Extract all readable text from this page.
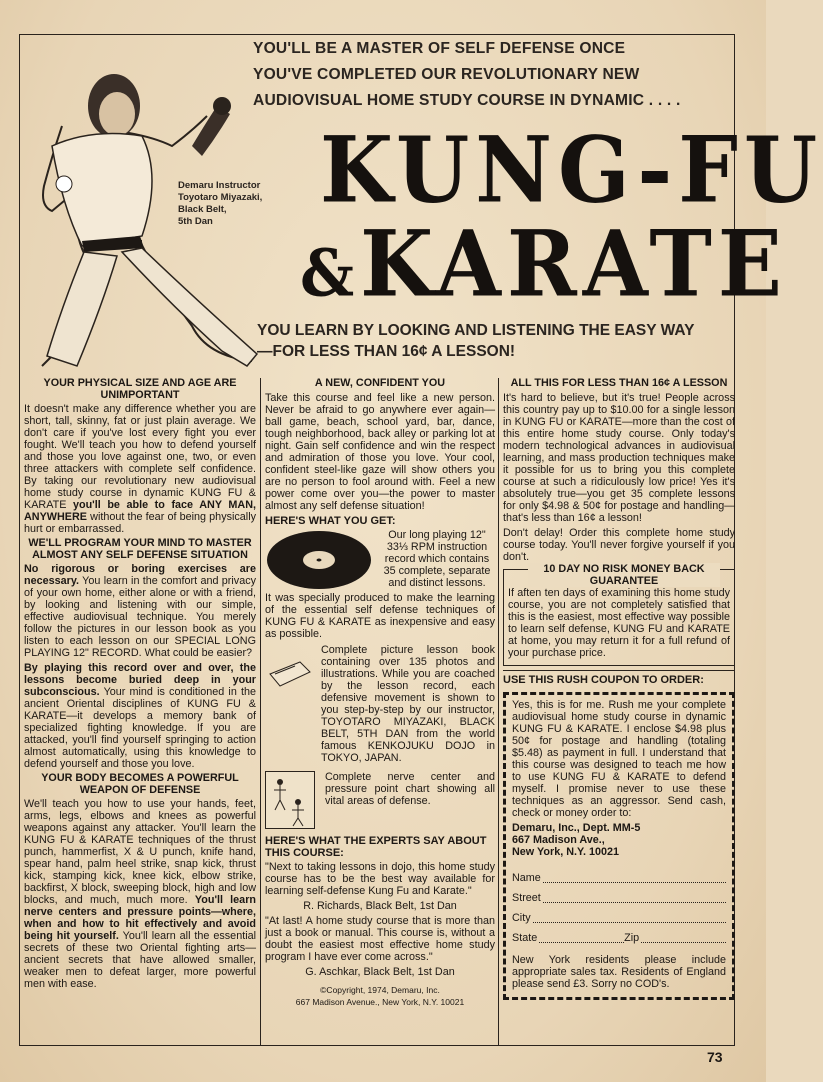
Demaru Instructor
Toyotaro Miyazaki,
Black Belt,
5th Dan
YOU'LL BE A MASTER OF SELF DEFENSE ONCE
YOU'VE COMPLETED OUR REVOLUTIONARY NEW
AUDIOVISUAL HOME STUDY COURSE IN DYNAMIC . . . .
KUNG-FU
&KARATE
YOU LEARN BY LOOKING AND LISTENING THE EASY WAY
—FOR LESS THAN 16¢ A LESSON!
YOUR PHYSICAL SIZE AND AGE ARE UNIMPORTANT

It doesn't make any difference whether you are short, tall, skinny, fat or just plain average. We don't care if you've lost every fight you ever fought. We'll teach you how to defend yourself and those you love against one, two, or even three attackers with complete self confidence. By taking our revolutionary new audiovisual home study course in dynamic KUNG FU & KARATE you'll be able to face ANY MAN, ANYWHERE without the fear of being physically hurt or embarrassed.

WE'LL PROGRAM YOUR MIND TO MASTER ALMOST ANY SELF DEFENSE SITUATION

No rigorous or boring exercises are necessary. You learn in the comfort and privacy of your own home, either alone or with a friend, by looking and listening with our simple, effective audiovisual technique. You merely follow the pictures in our lesson book as you listen to each lesson on our SPECIAL LONG PLAYING 12" RECORD. What could be easier?

By playing this record over and over, the lessons become buried deep in your subconscious. Your mind is conditioned in the ancient Oriental disciplines of KUNG FU & KARATE—it develops a memory bank of specialized fighting knowledge. If you are attacked, you'll find yourself springing to action almost automatically, using this knowledge to defend yourself and those you love.

YOUR BODY BECOMES A POWERFUL WEAPON OF DEFENSE

We'll teach you how to use your hands, feet, arms, legs, elbows and knees as powerful weapons against any attacker. You'll learn the KUNG FU & KARATE techniques of the thrust punch, hammerfist, X & U punch, knife hand, spear hand, palm heel strike, snap kick, thrust kick, stamping kick, knee kick, elbow strike, backfirst, X block, sweeping block, high and low blocks, and much, much more. You'll learn nerve centers and pressure points—where, when and how to hit effectively and avoid being hit yourself. You'll learn all the essential secrets of these two Oriental fighting arts—ancient secrets that have allowed smaller, weaker men to defeat larger, more powerful men with ease.

A NEW, CONFIDENT YOU

Take this course and feel like a new person. Never be afraid to go anywhere ever again—ball game, beach, school yard, bar, dance, tough neighborhood, back alley or parking lot at night. Gain self confidence and win the respect and admiration of those you love. Your cool, confident steel-like gaze will show others you are no person to fool around with. Feel a new power come over you—the power to master almost any self defense situation!

HERE'S WHAT YOU GET:

Our long playing 12" 33⅓ RPM instruction record which contains 35 complete, separate and distinct lessons.

It was specially produced to make the learning of the essential self defense techniques of KUNG FU & KARATE as inexpensive and easy as possible.

Complete picture lesson book containing over 135 photos and illustrations. While you are coached by the lesson record, each defensive movement is shown to you step-by-step by our instructor, TOYOTARO MIYAZAKI, BLACK BELT, 5TH DAN from the world famous KENKOJUKU DOJO in TOKYO, JAPAN.

Complete nerve center and pressure point chart showing all vital areas of defense.

HERE'S WHAT THE EXPERTS SAY ABOUT THIS COURSE:

"Next to taking lessons in dojo, this home study course has to be the best way available for learning self-defense Kung Fu and Karate."

R. Richards, Black Belt, 1st Dan

"At last! A home study course that is more than just a book or manual. This course is, without a doubt the easiest most effective home study program I have ever come across."

G. Aschkar, Black Belt, 1st Dan

©Copyright, 1974, Demaru, Inc.
667 Madison Avenue., New York, N.Y. 10021
ALL THIS FOR LESS THAN 16¢ A LESSON

It's hard to believe, but it's true! People across this country pay up to $10.00 for a single lesson in KUNG FU or KARATE—more than the cost of this entire home study course. Only today's modern technological advances in audiovisual learning, and mass production techniques make it possible for us to bring you this complete course at such a ridiculously low price! Yes it's absolutely true—you get 35 complete lessons for only $4.98 & 50¢ for postage and handling—that's less than 16¢ a lesson!

Don't delay! Order this complete home study course today. You'll never forgive yourself if you don't.

10 DAY NO RISK MONEY BACK GUARANTEE

If aften ten days of examining this home study course, you are not completely satisfied that this is the easiest, most effective way possible to learn self defense, KUNG FU and KARATE at home, you may return it for a full refund of your purchase price.

USE THIS RUSH COUPON TO ORDER:

Yes, this is for me. Rush me your complete audiovisual home study course in dynamic KUNG FU & KARATE. I enclose $4.98 plus 50¢ for postage and handling (totaling $5.48) as payment in full. I understand that this course was designed to teach me how to use KUNG FU & KARATE to defend myself. I promise never to use these techniques as an aggressor. Send cash, check or money order to:

Demaru, Inc., Dept. MM-5
667 Madison Ave.,
New York, N.Y. 10021
Name
Street
City
State	Zip

New York residents please include appropriate sales tax. Residents of England please send £3. Sorry no COD's.

73
